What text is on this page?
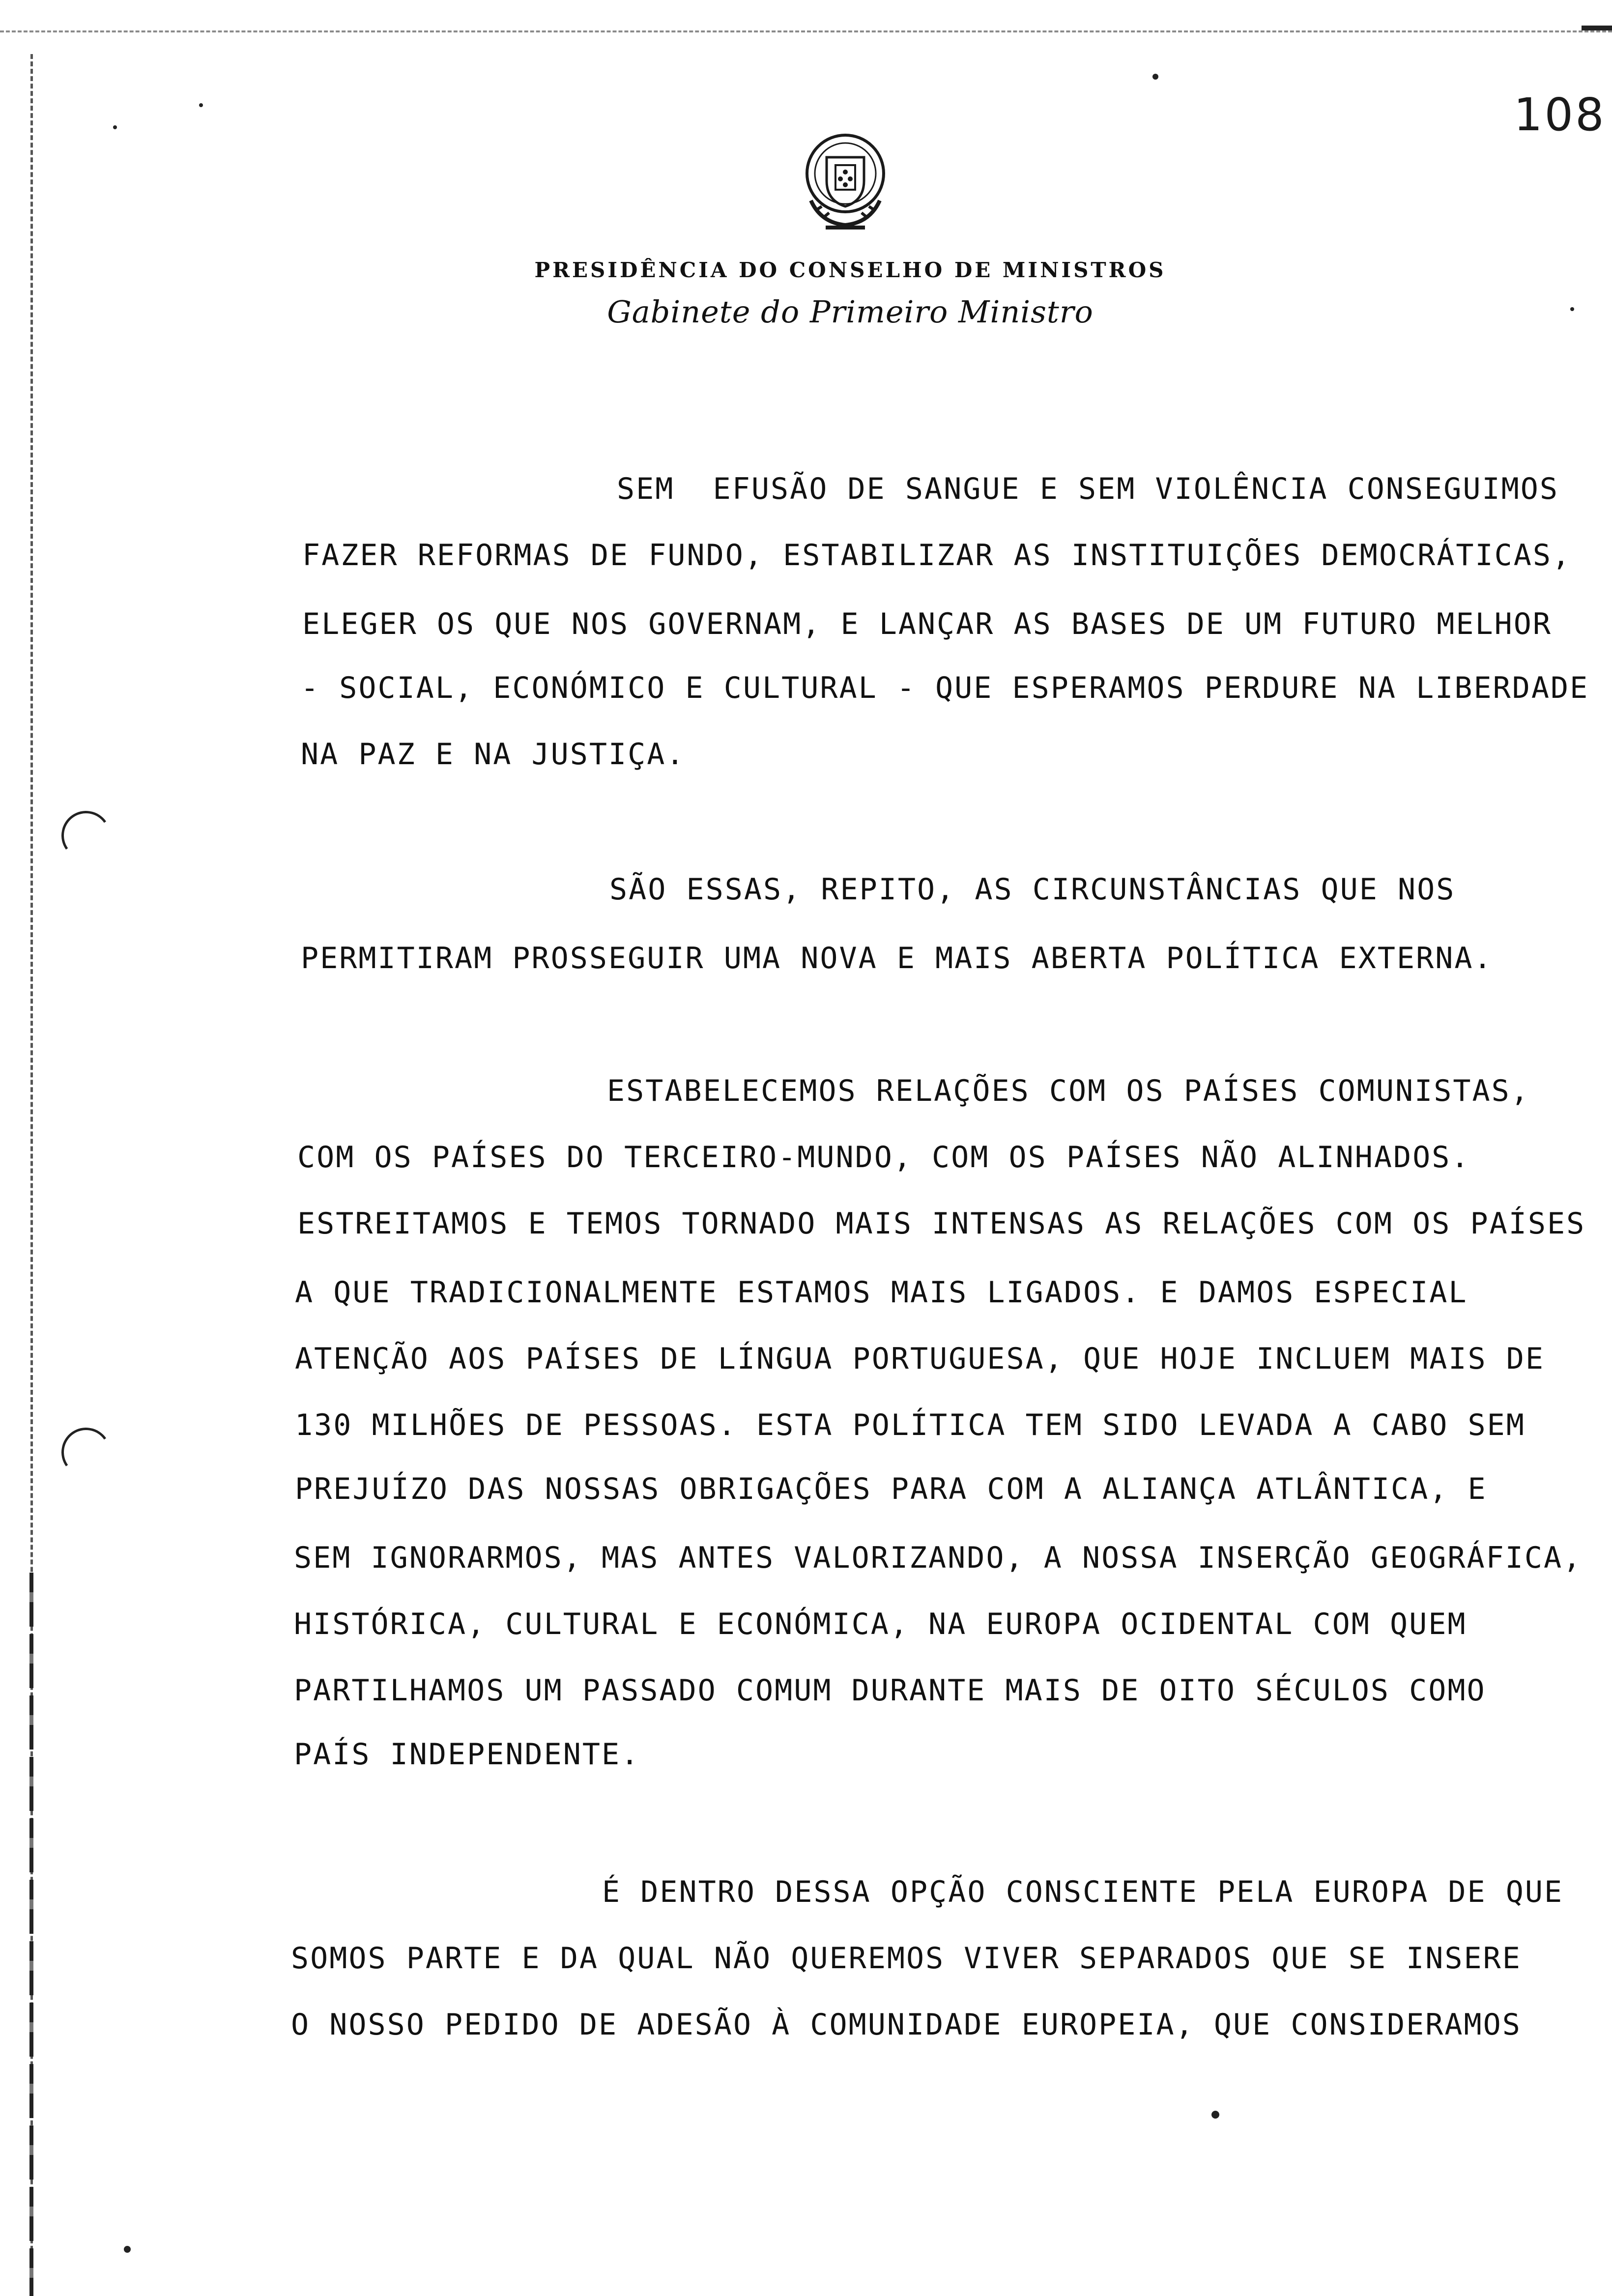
108
PRESIDÊNCIA DO CONSELHO DE MINISTROS
Gabinete do Primeiro Ministro
SEM  EFUSÃO DE SANGUE E SEM VIOLÊNCIA CONSEGUIMOS
FAZER REFORMAS DE FUNDO, ESTABILIZAR AS INSTITUIÇÕES DEMOCRÁTICAS,
ELEGER OS QUE NOS GOVERNAM, E LANÇAR AS BASES DE UM FUTURO MELHOR
- SOCIAL, ECONÓMICO E CULTURAL - QUE ESPERAMOS PERDURE NA LIBERDADE
NA PAZ E NA JUSTIÇA.
SÃO ESSAS, REPITO, AS CIRCUNSTÂNCIAS QUE NOS
PERMITIRAM PROSSEGUIR UMA NOVA E MAIS ABERTA POLÍTICA EXTERNA.
ESTABELECEMOS RELAÇÕES COM OS PAÍSES COMUNISTAS,
COM OS PAÍSES DO TERCEIRO-MUNDO, COM OS PAÍSES NÃO ALINHADOS.
ESTREITAMOS E TEMOS TORNADO MAIS INTENSAS AS RELAÇÕES COM OS PAÍSES
A QUE TRADICIONALMENTE ESTAMOS MAIS LIGADOS. E DAMOS ESPECIAL
ATENÇÃO AOS PAÍSES DE LÍNGUA PORTUGUESA, QUE HOJE INCLUEM MAIS DE
130 MILHÕES DE PESSOAS. ESTA POLÍTICA TEM SIDO LEVADA A CABO SEM
PREJUÍZO DAS NOSSAS OBRIGAÇÕES PARA COM A ALIANÇA ATLÂNTICA, E
SEM IGNORARMOS, MAS ANTES VALORIZANDO, A NOSSA INSERÇÃO GEOGRÁFICA,
HISTÓRICA, CULTURAL E ECONÓMICA, NA EUROPA OCIDENTAL COM QUEM
PARTILHAMOS UM PASSADO COMUM DURANTE MAIS DE OITO SÉCULOS COMO
PAÍS INDEPENDENTE.
É DENTRO DESSA OPÇÃO CONSCIENTE PELA EUROPA DE QUE
SOMOS PARTE E DA QUAL NÃO QUEREMOS VIVER SEPARADOS QUE SE INSERE
O NOSSO PEDIDO DE ADESÃO À COMUNIDADE EUROPEIA, QUE CONSIDERAMOS
